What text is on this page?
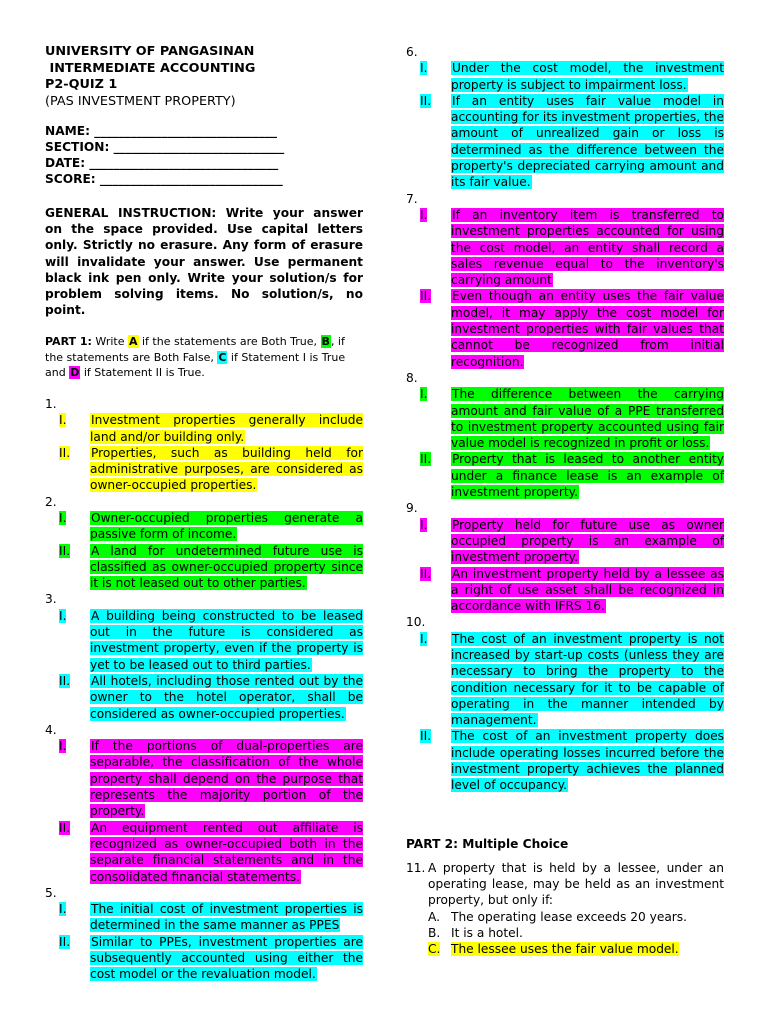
UNIVERSITY OF PANGASINAN
INTERMEDIATE ACCOUNTING
P2-QUIZ 1
(PAS INVESTMENT PROPERTY)
NAME: ______________________________
SECTION: ____________________________
DATE: _______________________________
SCORE: ______________________________
GENERAL INSTRUCTION: Write your answer on the space provided. Use capital letters only. Strictly no erasure. Any form of erasure will invalidate your answer. Use permanent black ink pen only. Write your solution/s for problem solving items. No solution/s, no point.
PART 1: Write A if the statements are Both True, B, if the statements are Both False, C if Statement I is True and D if Statement II is True.
1.
I.	Investment properties generally include land and/or building only.
II.	Properties, such as building held for administrative purposes, are considered as owner-occupied properties.
2.
I.	Owner-occupied properties generate a passive form of income.
II.	A land for undetermined future use is classified as owner-occupied property since it is not leased out to other parties.
3.
I.	A building being constructed to be leased out in the future is considered as investment property, even if the property is yet to be leased out to third parties.
II.	All hotels, including those rented out by the owner to the hotel operator, shall be considered as owner-occupied properties.
4.
I.	If the portions of dual-properties are separable, the classification of the whole property shall depend on the purpose that represents the majority portion of the property.
II.	An equipment rented out affiliate is recognized as owner-occupied both in the separate financial statements and in the consolidated financial statements.
5.
I.	The initial cost of investment properties is determined in the same manner as PPES
II.	Similar to PPEs, investment properties are subsequently accounted using either the cost model or the revaluation model.
6.
I.	Under the cost model, the investment property is subject to impairment loss.
II.	If an entity uses fair value model in accounting for its investment properties, the amount of unrealized gain or loss is determined as the difference between the property's depreciated carrying amount and its fair value.
7.
I.	If an inventory item is transferred to investment properties accounted for using the cost model, an entity shall record a sales revenue equal to the inventory's carrying amount
II.	Even though an entity uses the fair value model, it may apply the cost model for investment properties with fair values that cannot be recognized from initial recognition.
8.
I.	The difference between the carrying amount and fair value of a PPE transferred to investment property accounted using fair value model is recognized in profit or loss.
II.	Property that is leased to another entity under a finance lease is an example of investment property.
9.
I.	Property held for future use as owner occupied property is an example of investment property.
II.	An investment property held by a lessee as a right of use asset shall be recognized in accordance with IFRS 16.
10.
I.	The cost of an investment property is not increased by start-up costs (unless they are necessary to bring the property to the condition necessary for it to be capable of operating in the manner intended by management.
II.	The cost of an investment property does include operating losses incurred before the investment property achieves the planned level of occupancy.
PART 2: Multiple Choice
11. A property that is held by a lessee, under an operating lease, may be held as an investment property, but only if:
A. The operating lease exceeds 20 years.
B. It is a hotel.
C. The lessee uses the fair value model.
